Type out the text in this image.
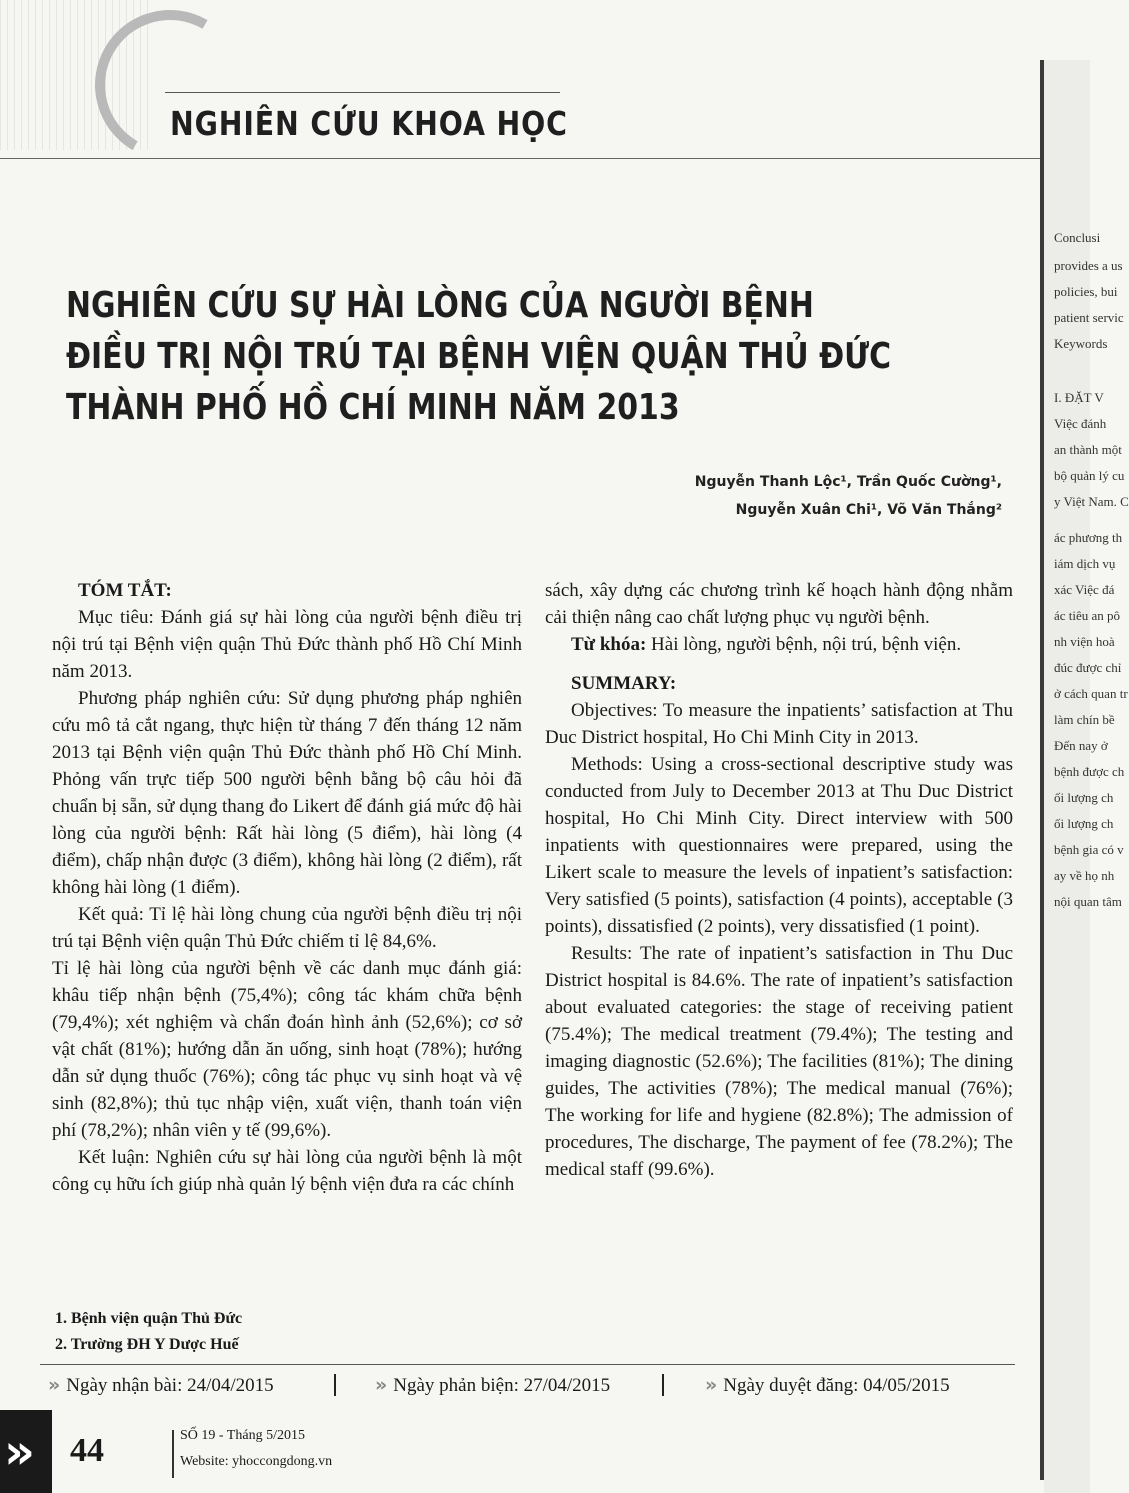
NGHIÊN CỨU KHOA HỌC
Conclusi
provides a us
policies, bui
patient servic
Keywords
I. ĐẶT V
Việc đánh
an thành một
bộ quản lý cu
y Việt Nam. C
ác phương th
iám dịch vụ
xác Việc đá
ác tiêu an pô
nh viện hoà
đúc được chỉ
ở cách quan tr
làm chín bề
Đến nay ở
bệnh được ch
ối lượng ch
ối lượng ch
bệnh gia có v
ay về họ nh
nội quan tâm
NGHIÊN CỨU SỰ HÀI LÒNG CỦA NGƯỜI BỆNH
ĐIỀU TRỊ NỘI TRÚ TẠI BỆNH VIỆN QUẬN THỦ ĐỨC
THÀNH PHỐ HỒ CHÍ MINH NĂM 2013
Nguyễn Thanh Lộc¹, Trần Quốc Cường¹,
Nguyễn Xuân Chi¹, Võ Văn Thắng²

TÓM TẮT:

Mục tiêu: Đánh giá sự hài lòng của người bệnh điều trị nội trú tại Bệnh viện quận Thủ Đức thành phố Hồ Chí Minh năm 2013.

Phương pháp nghiên cứu: Sử dụng phương pháp nghiên cứu mô tả cắt ngang, thực hiện từ tháng 7 đến tháng 12 năm 2013 tại Bệnh viện quận Thủ Đức thành phố Hồ Chí Minh. Phỏng vấn trực tiếp 500 người bệnh bằng bộ câu hỏi đã chuẩn bị sẵn, sử dụng thang đo Likert để đánh giá mức độ hài lòng của người bệnh: Rất hài lòng (5 điểm), hài lòng (4 điểm), chấp nhận được (3 điểm), không hài lòng (2 điểm), rất không hài lòng (1 điểm).

Kết quả: Tỉ lệ hài lòng chung của người bệnh điều trị nội trú tại Bệnh viện quận Thủ Đức chiếm tỉ lệ 84,6%.

Tỉ lệ hài lòng của người bệnh về các danh mục đánh giá: khâu tiếp nhận bệnh (75,4%); công tác khám chữa bệnh (79,4%); xét nghiệm và chẩn đoán hình ảnh (52,6%); cơ sở vật chất (81%); hướng dẫn ăn uống, sinh hoạt (78%); hướng dẫn sử dụng thuốc (76%); công tác phục vụ sinh hoạt và vệ sinh (82,8%); thủ tục nhập viện, xuất viện, thanh toán viện phí (78,2%); nhân viên y tế (99,6%).

Kết luận: Nghiên cứu sự hài lòng của người bệnh là một công cụ hữu ích giúp nhà quản lý bệnh viện đưa ra các chính

sách, xây dựng các chương trình kế hoạch hành động nhằm cải thiện nâng cao chất lượng phục vụ người bệnh.

Từ khóa: Hài lòng, người bệnh, nội trú, bệnh viện.

SUMMARY:

Objectives: To measure the inpatients’ satisfaction at Thu Duc District hospital, Ho Chi Minh City in 2013.

Methods: Using a cross-sectional descriptive study was conducted from July to December 2013 at Thu Duc District hospital, Ho Chi Minh City. Direct interview with 500 inpatients with questionnaires were prepared, using the Likert scale to measure the levels of inpatient’s satisfaction: Very satisfied (5 points), satisfaction (4 points), acceptable (3 points), dissatisfied (2 points), very dissatisfied (1 point).

Results: The rate of inpatient’s satisfaction in Thu Duc District hospital is 84.6%. The rate of inpatient’s satisfaction about evaluated categories: the stage of receiving patient (75.4%); The medical treatment (79.4%); The testing and imaging diagnostic (52.6%); The facilities (81%); The dining guides, The activities (78%); The medical manual (76%); The working for life and hygiene (82.8%); The admission of procedures, The discharge, The payment of fee (78.2%); The medical staff (99.6%).

1. Bệnh viện quận Thủ Đức
2. Trường ĐH Y Dược Huế
» Ngày nhận bài: 24/04/2015	» Ngày phản biện: 27/04/2015	» Ngày duyệt đăng: 04/05/2015
» 44	SỐ 19 - Tháng 5/2015
Website: yhoccongdong.vn
